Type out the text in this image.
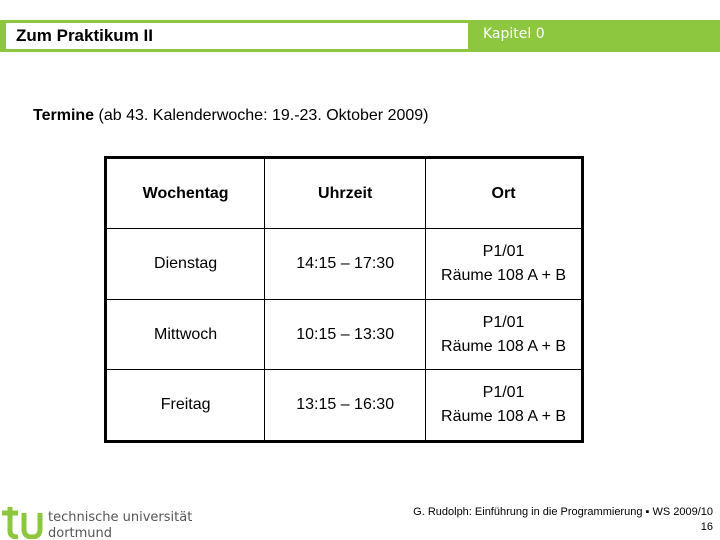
Zum Praktikum II	Kapitel 0
Termine (ab 43. Kalenderwoche: 19.-23. Oktober 2009)
Wochentag	Uhrzeit	Ort
Dienstag	14:15 – 17:30	P1/01
Räume 108 A + B

Mittwoch	10:15 – 13:30	P1/01
Räume 108 A + B

Freitag	13:15 – 16:30	P1/01
Räume 108 A + B
technische universität
dortmund
G. Rudolph: Einführung in die Programmierung ▪ WS 2009/10
16
